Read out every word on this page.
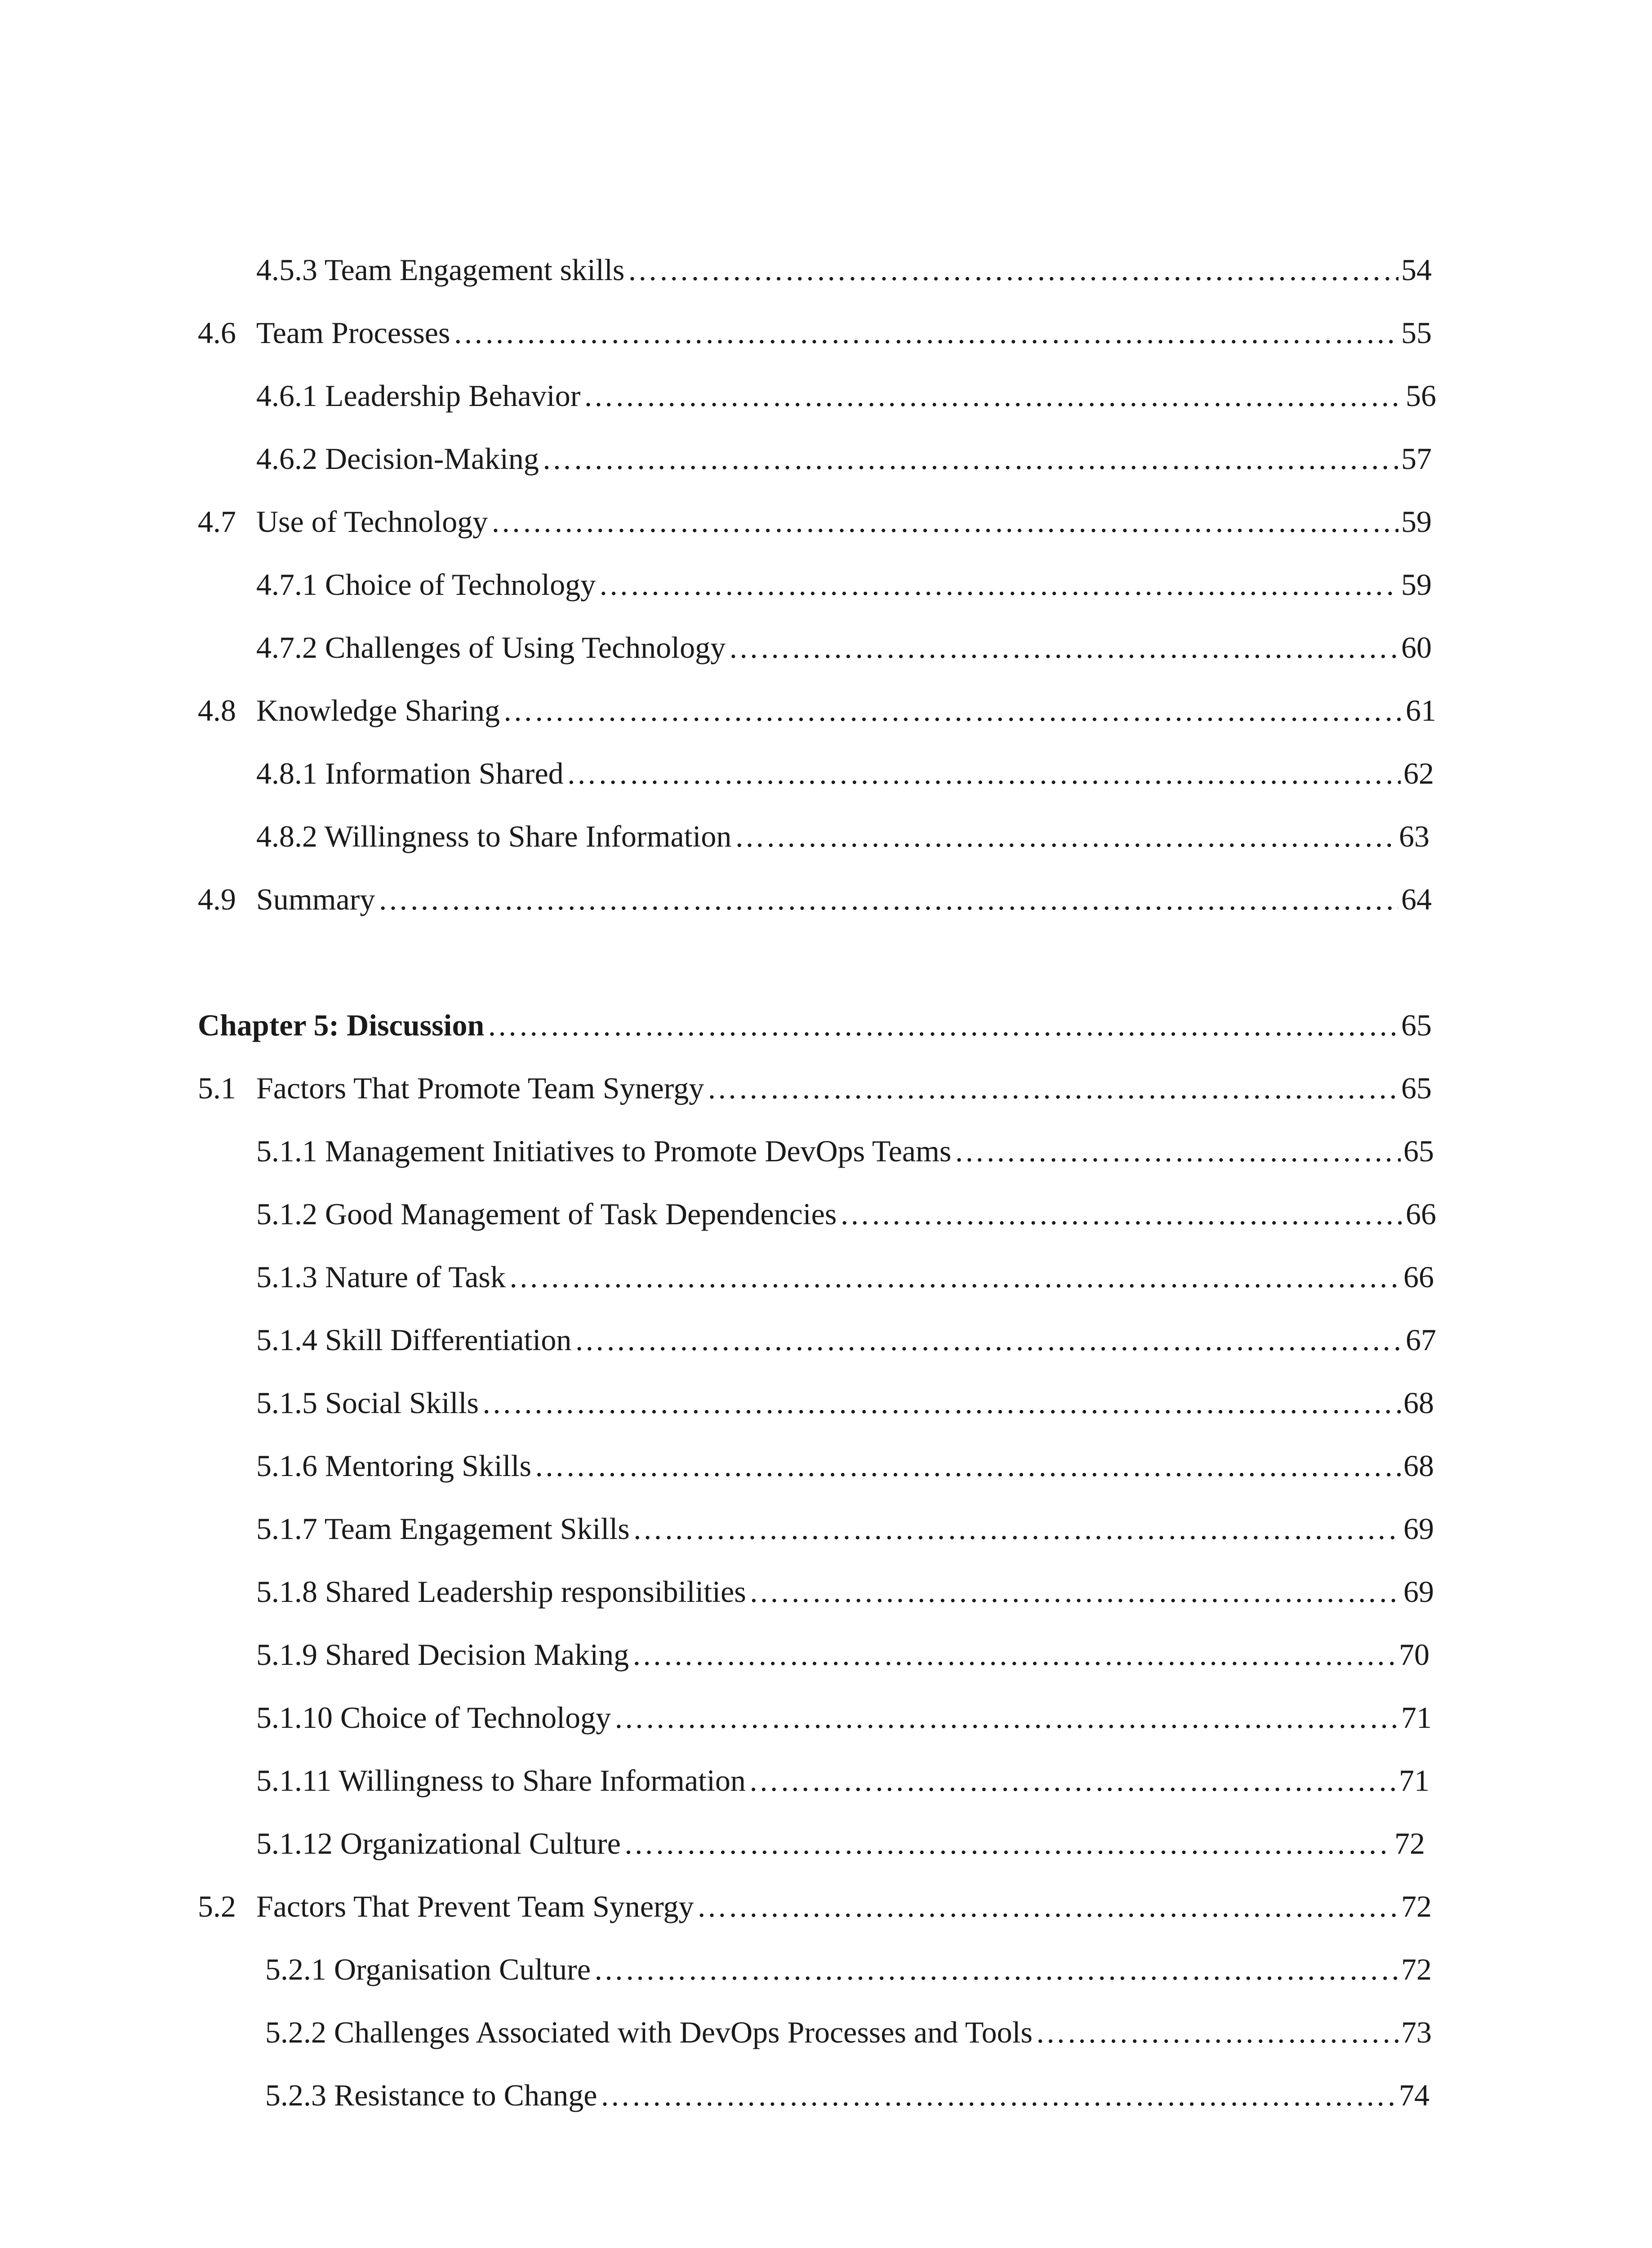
4.5.3 Team Engagement skills ………………………………………………………………………………………………………………………………………………………………………………………………………………………………………………………………	54
4.6 Team Processes ………………………………………………………………………………………………………………………………………………………………………………………………………………………………………………………………	55
4.6.1 Leadership Behavior ………………………………………………………………………………………………………………………………………………………………………………………………………………………………………………………………	56
4.6.2 Decision-Making ………………………………………………………………………………………………………………………………………………………………………………………………………………………………………………………………	57
4.7 Use of Technology ………………………………………………………………………………………………………………………………………………………………………………………………………………………………………………………………	59
4.7.1 Choice of Technology ………………………………………………………………………………………………………………………………………………………………………………………………………………………………………………………………	59
4.7.2 Challenges of Using Technology ………………………………………………………………………………………………………………………………………………………………………………………………………………………………………………………………	60
4.8 Knowledge Sharing ………………………………………………………………………………………………………………………………………………………………………………………………………………………………………………………………	61
4.8.1 Information Shared ………………………………………………………………………………………………………………………………………………………………………………………………………………………………………………………………	62
4.8.2 Willingness to Share Information ………………………………………………………………………………………………………………………………………………………………………………………………………………………………………………………………	63
4.9 Summary ………………………………………………………………………………………………………………………………………………………………………………………………………………………………………………………………	64
Chapter 5: Discussion ………………………………………………………………………………………………………………………………………………………………………………………………………………………………………………………………	65
5.1 Factors That Promote Team Synergy ………………………………………………………………………………………………………………………………………………………………………………………………………………………………………………………………	65
5.1.1 Management Initiatives to Promote DevOps Teams ………………………………………………………………………………………………………………………………………………………………………………………………………………………………………………………………	65
5.1.2 Good Management of Task Dependencies ………………………………………………………………………………………………………………………………………………………………………………………………………………………………………………………………	66
5.1.3 Nature of Task ………………………………………………………………………………………………………………………………………………………………………………………………………………………………………………………………	66
5.1.4 Skill Differentiation ………………………………………………………………………………………………………………………………………………………………………………………………………………………………………………………………	67
5.1.5 Social Skills ………………………………………………………………………………………………………………………………………………………………………………………………………………………………………………………………	68
5.1.6 Mentoring Skills ………………………………………………………………………………………………………………………………………………………………………………………………………………………………………………………………	68
5.1.7 Team Engagement Skills ………………………………………………………………………………………………………………………………………………………………………………………………………………………………………………………………	69
5.1.8 Shared Leadership responsibilities ………………………………………………………………………………………………………………………………………………………………………………………………………………………………………………………………	69
5.1.9 Shared Decision Making ………………………………………………………………………………………………………………………………………………………………………………………………………………………………………………………………	70
5.1.10 Choice of Technology ………………………………………………………………………………………………………………………………………………………………………………………………………………………………………………………………	71
5.1.11 Willingness to Share Information ………………………………………………………………………………………………………………………………………………………………………………………………………………………………………………………………	71
5.1.12 Organizational Culture ………………………………………………………………………………………………………………………………………………………………………………………………………………………………………………………………	72
5.2 Factors That Prevent Team Synergy ………………………………………………………………………………………………………………………………………………………………………………………………………………………………………………………………	72
5.2.1 Organisation Culture ………………………………………………………………………………………………………………………………………………………………………………………………………………………………………………………………	72
5.2.2 Challenges Associated with DevOps Processes and Tools ………………………………………………………………………………………………………………………………………………………………………………………………………………………………………………………………	73
5.2.3 Resistance to Change ………………………………………………………………………………………………………………………………………………………………………………………………………………………………………………………………	74
